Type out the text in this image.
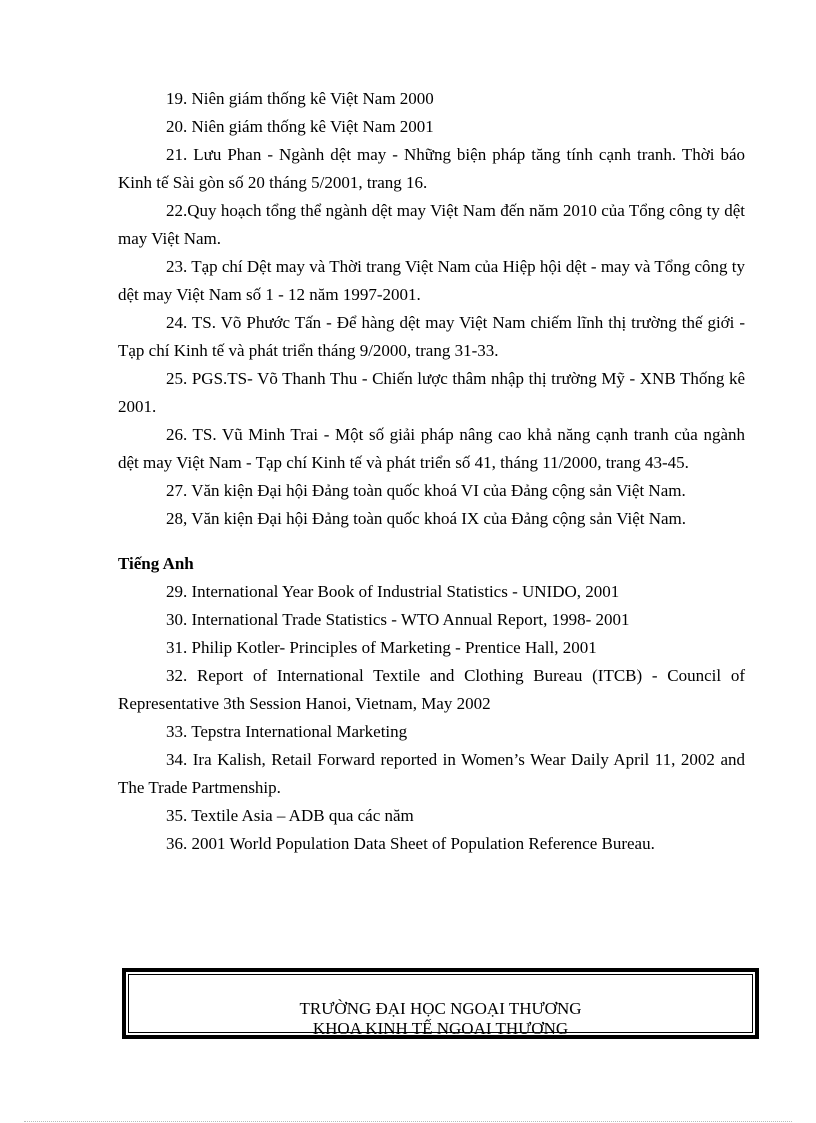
19. Niên giám thống kê Việt Nam 2000

20. Niên giám thống kê Việt Nam 2001

21. Lưu Phan - Ngành dệt may - Những biện pháp tăng tính cạnh tranh. Thời báo Kinh tế Sài gòn số 20 tháng 5/2001, trang 16.

22.Quy hoạch tổng thể ngành dệt may Việt Nam đến năm 2010 của Tổng công ty dệt may Việt Nam.

23. Tạp chí Dệt may và Thời trang Việt Nam của Hiệp hội dệt - may và Tổng công ty dệt may Việt Nam số 1 - 12 năm 1997-2001.

24. TS. Võ Phước Tấn - Để hàng dệt may Việt Nam chiếm lĩnh thị trường thế giới - Tạp chí Kinh tế và phát triển tháng 9/2000, trang 31-33.

25. PGS.TS- Võ Thanh Thu - Chiến lược thâm nhập thị trường Mỹ - XNB Thống kê 2001.

26. TS. Vũ Minh Trai - Một số giải pháp nâng cao khả năng cạnh tranh của ngành dệt may Việt Nam - Tạp chí Kinh tế và phát triển số 41, tháng 11/2000, trang 43-45.

27. Văn kiện Đại hội Đảng toàn quốc khoá VI của Đảng cộng sản Việt Nam.

28, Văn kiện Đại hội Đảng toàn quốc khoá IX của Đảng cộng sản Việt Nam.

Tiếng Anh

29. International Year Book of Industrial Statistics - UNIDO, 2001

30. International Trade Statistics - WTO Annual Report, 1998- 2001

31. Philip Kotler- Principles of Marketing - Prentice Hall, 2001

32. Report of International Textile and Clothing Bureau (ITCB) - Council of Representative 3th Session Hanoi, Vietnam, May 2002

33. Tepstra International Marketing

34. Ira Kalish, Retail Forward reported in Women’s Wear Daily April 11, 2002 and The Trade Partmenship.

35. Textile Asia – ADB qua các năm

36. 2001 World Population Data Sheet of Population Reference Bureau.

TRƯỜNG ĐẠI HỌC NGOẠI THƯƠNG
KHOA KINH TẾ NGOẠI THƯƠNG
